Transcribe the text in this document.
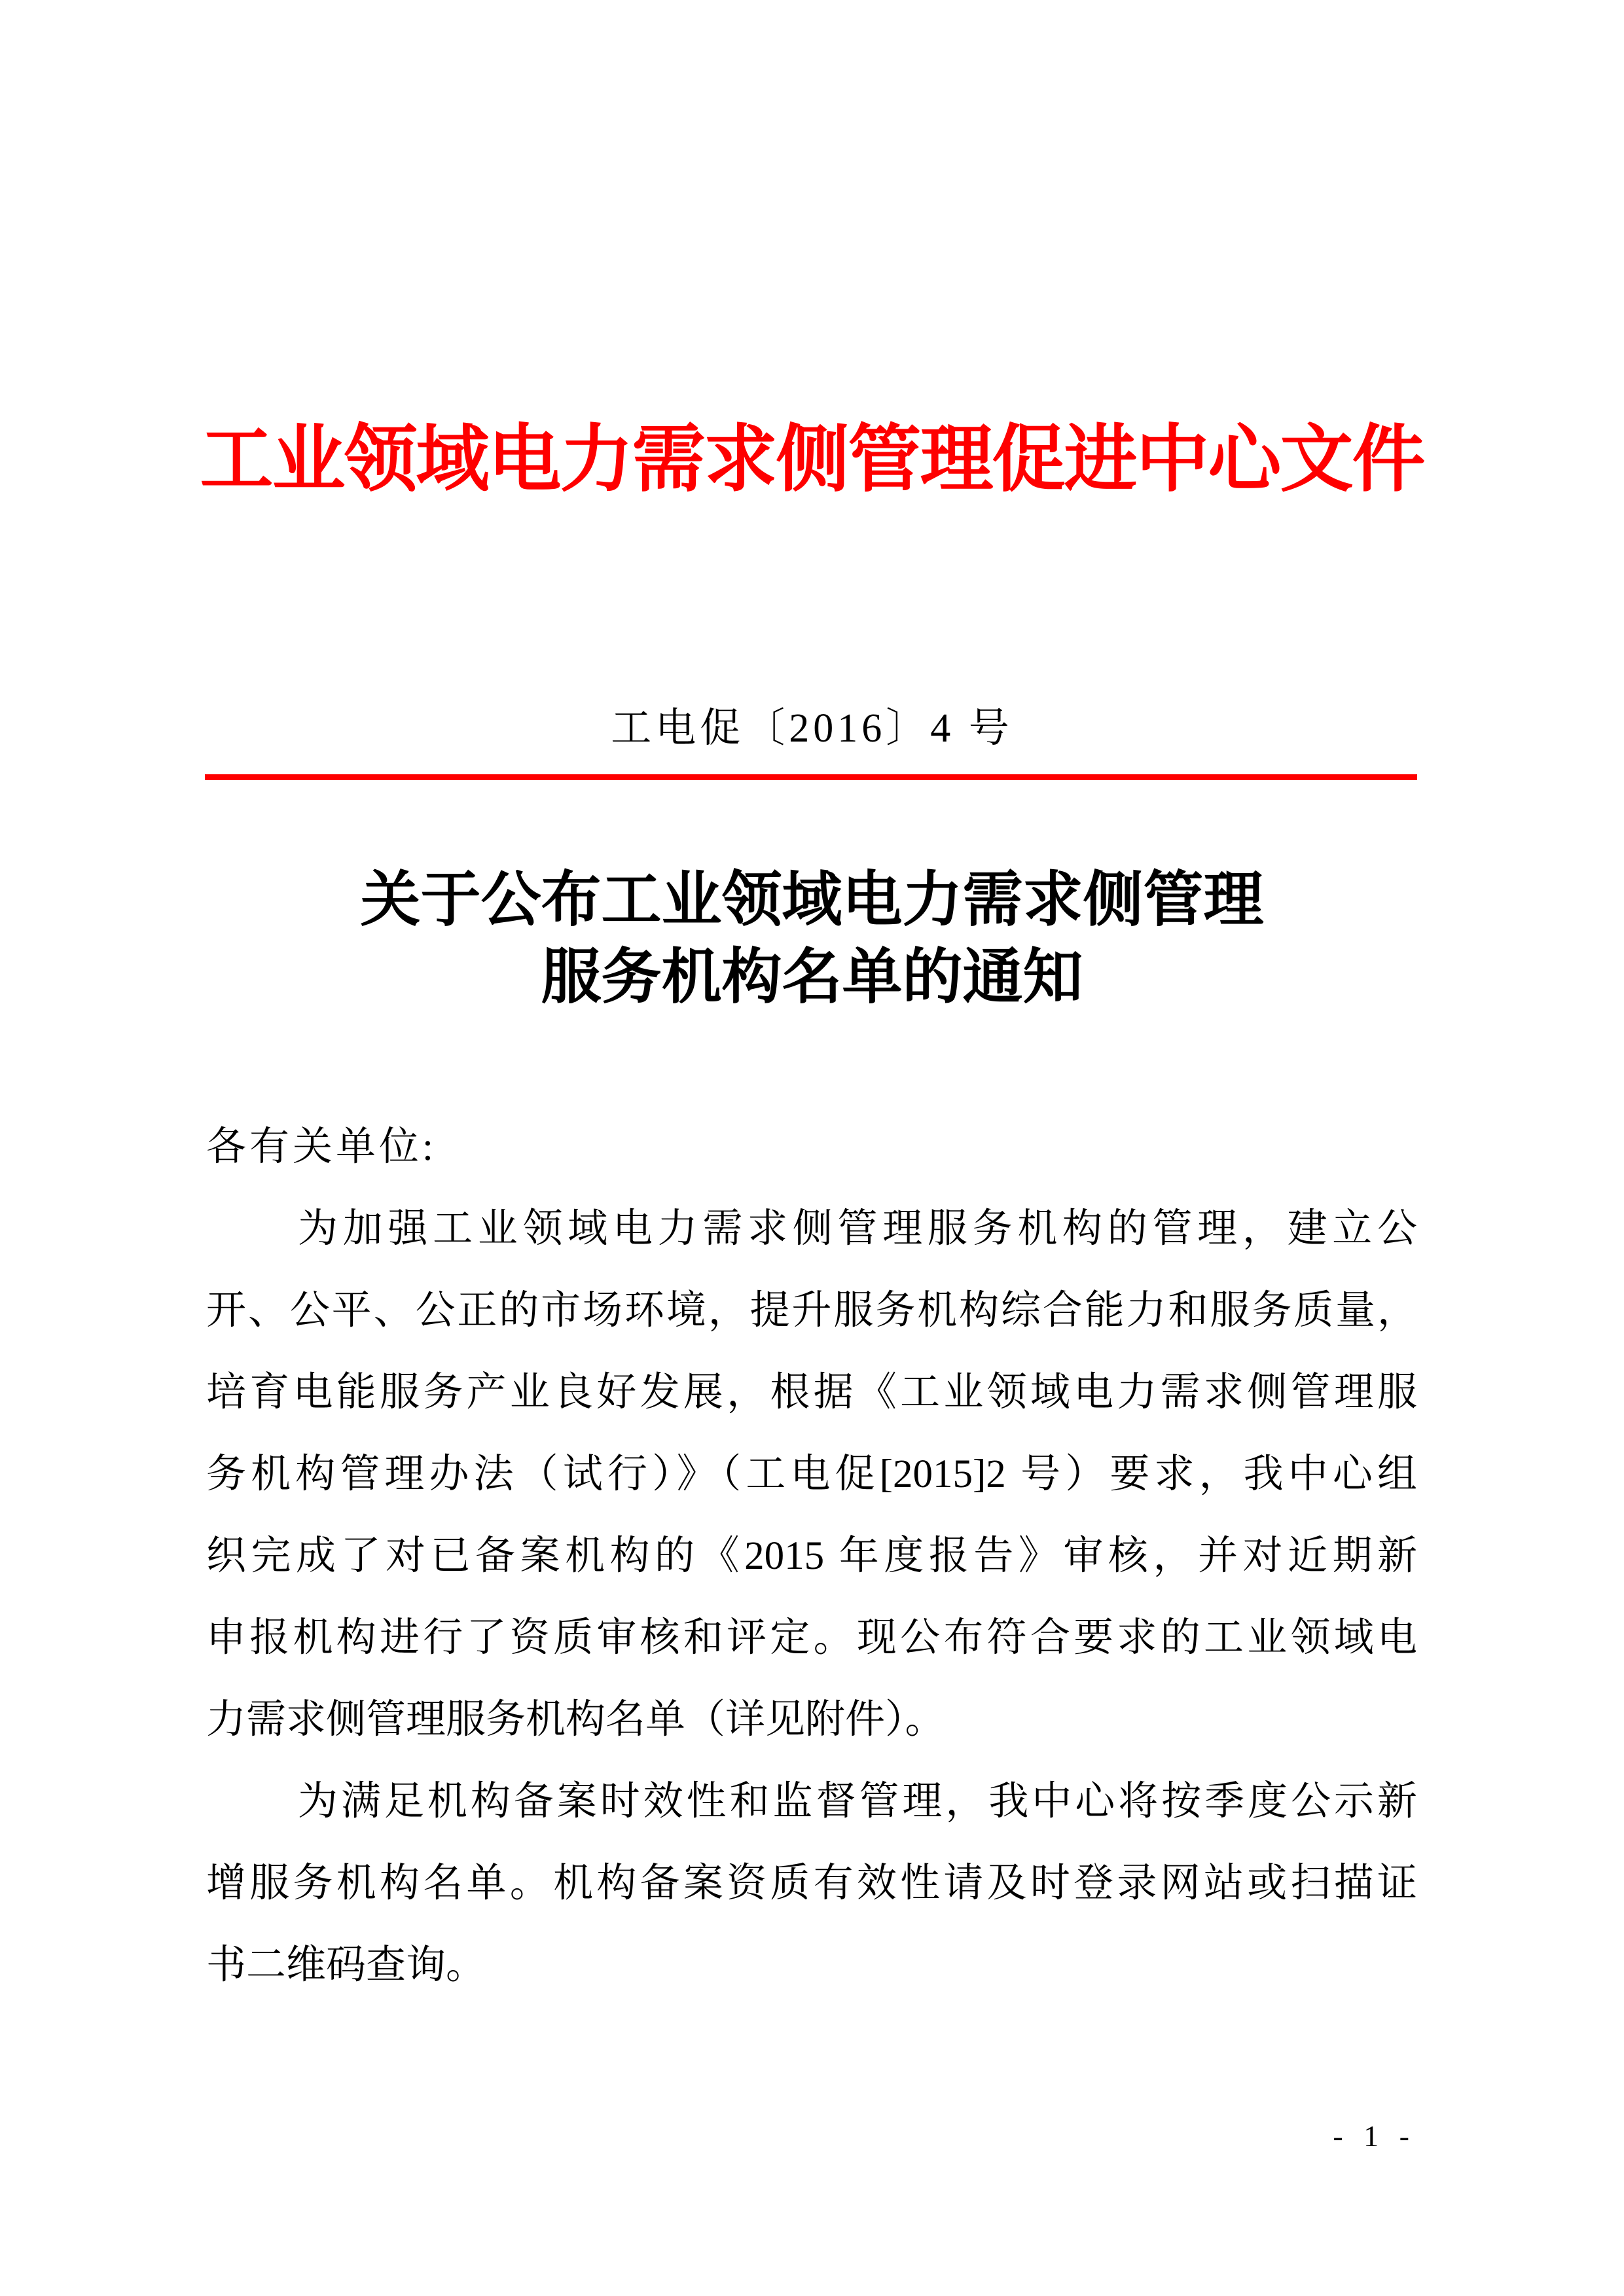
工业领域电力需求侧管理促进中心文件
工电促〔2016〕4 号
关于公布工业领域电力需求侧管理
服务机构名单的通知
各有关单位:
为加强工业领域电力需求侧管理服务机构的管理，建立公
开、公平、公正的市场环境，提升服务机构综合能力和服务质量，
培育电能服务产业良好发展，根据《工业领域电力需求侧管理服
务机构管理办法（试行）》（工电促[2015]2 号）要求，我中心组
织完成了对已备案机构的《2015 年度报告》审核，并对近期新
申报机构进行了资质审核和评定。现公布符合要求的工业领域电
力需求侧管理服务机构名单（详见附件）。
为满足机构备案时效性和监督管理，我中心将按季度公示新
增服务机构名单。机构备案资质有效性请及时登录网站或扫描证
书二维码查询。
- 1 -
